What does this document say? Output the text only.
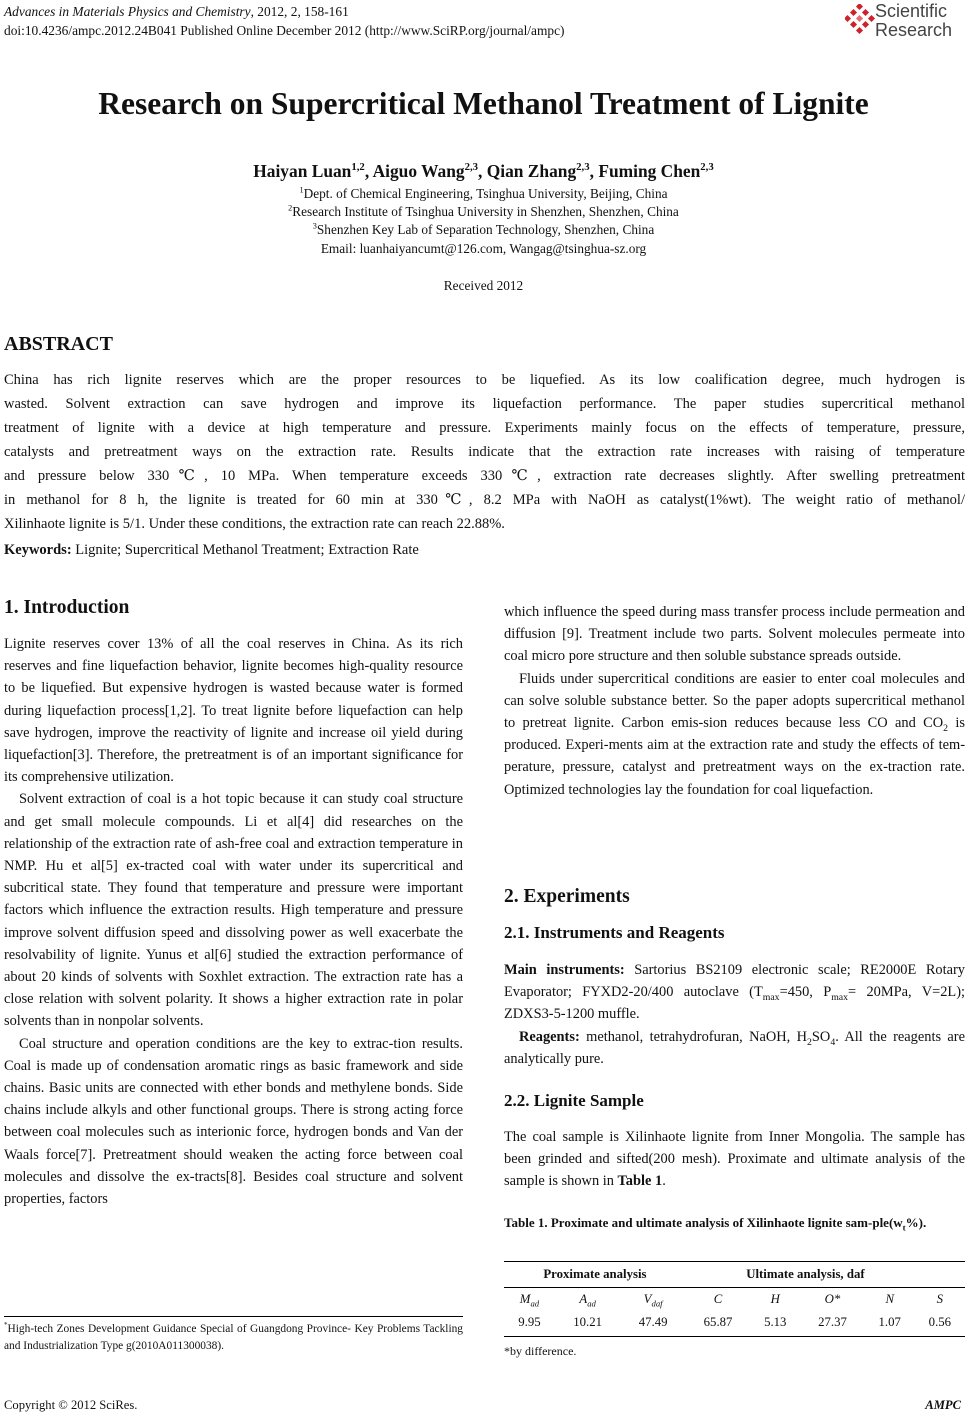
Advances in Materials Physics and Chemistry, 2012, 2, 158-161
doi:10.4236/ampc.2012.24B041 Published Online December 2012 (http://www.SciRP.org/journal/ampc)
Scientific
Research
Research on Supercritical Methanol Treatment of Lignite
Haiyan Luan$^{1,2}$, Aiguo Wang$^{2,3}$, Qian Zhang$^{2,3}$, Fuming Chen$^{2,3}$
$^1$Dept. of Chemical Engineering, Tsinghua University, Beijing, China
$^2$Research Institute of Tsinghua University in Shenzhen, Shenzhen, China
$^3$Shenzhen Key Lab of Separation Technology, Shenzhen, China
Email: luanhaiyancumt@126.com, Wangag@tsinghua-sz.org
Received 2012
ABSTRACT
China has rich lignite reserves which are the proper resources to be liquefied. As its low coalification degree, much hydrogen is
wasted. Solvent extraction can save hydrogen and improve its liquefaction performance. The paper studies supercritical methanol
treatment of lignite with a device at high temperature and pressure. Experiments mainly focus on the effects of temperature, pressure,
catalysts and pretreatment ways on the extraction rate. Results indicate that the extraction rate increases with raising of temperature
and pressure below 330℃, 10 MPa. When temperature exceeds 330℃, extraction rate decreases slightly. After swelling pretreatment
in methanol for 8 h, the lignite is treated for 60 min at 330℃, 8.2 MPa with NaOH as catalyst(1%wt). The weight ratio of methanol/
Xilinhaote lignite is 5/1. Under these conditions, the extraction rate can reach 22.88%.
Keywords: Lignite; Supercritical Methanol Treatment; Extraction Rate
1. Introduction

Lignite reserves cover 13% of all the coal reserves in China. As its rich reserves and fine liquefaction behavior, lignite becomes high-quality resource to be liquefied. But expensive hydrogen is wasted because water is formed during liquefaction process[1,2]. To treat lignite before liquefaction can help save hydrogen, improve the reactivity of lignite and increase oil yield during liquefaction[3]. Therefore, the pretreatment is of an important significance for its comprehensive utilization.

Solvent extraction of coal is a hot topic because it can study coal structure and get small molecule compounds. Li et al[4] did researches on the relationship of the extraction rate of ash-free coal and extraction temperature in NMP. Hu et al[5] ex-tracted coal with water under its supercritical and subcritical state. They found that temperature and pressure were important factors which influence the extraction results. High temperature and pressure improve solvent diffusion speed and dissolving power as well exacerbate the resolvability of lignite. Yunus et al[6] studied the extraction performance of about 20 kinds of solvents with Soxhlet extraction. The extraction rate has a close relation with solvent polarity. It shows a higher extraction rate in polar solvents than in nonpolar solvents.

Coal structure and operation conditions are the key to extrac-tion results. Coal is made up of condensation aromatic rings as basic framework and side chains. Basic units are connected with ether bonds and methylene bonds. Side chains include alkyls and other functional groups. There is strong acting force between coal molecules such as interionic force, hydrogen bonds and Van der Waals force[7]. Pretreatment should weaken the acting force between coal molecules and dissolve the ex-tracts[8]. Besides coal structure and solvent properties, factors

*High-tech Zones Development Guidance Special of Guangdong Province- Key Problems Tackling and Industrialization Type g(2010A011300038).

which influence the speed during mass transfer process include permeation and diffusion [9]. Treatment include two parts. Solvent molecules permeate into coal micro pore structure and then soluble substance spreads outside.

Fluids under supercritical conditions are easier to enter coal molecules and can solve soluble substance better. So the paper adopts supercritical methanol to pretreat lignite. Carbon emis-sion reduces because less CO and $CO_2$ is produced. Experi-ments aim at the extraction rate and study the effects of tem-perature, pressure, catalyst and pretreatment ways on the ex-traction rate. Optimized technologies lay the foundation for coal liquefaction.

2. Experiments
2.1. Instruments and Reagents

Main instruments: Sartorius BS2109 electronic scale; RE2000E Rotary Evaporator; FYXD2-20/400 autoclave ($T_{max}=450$, $P_{max}= 20MPa$, V=2L); ZDXS3-5-1200 muffle.

Reagents: methanol, tetrahydrofuran, NaOH, $H_2SO_4$. All the reagents are analytically pure.

2.2. Lignite Sample

The coal sample is Xilinhaote lignite from Inner Mongolia. The sample has been grinded and sifted(200 mesh). Proximate and ultimate analysis of the sample is shown in Table 1.

Table 1. Proximate and ultimate analysis of Xilinhaote lignite sam-$ple(w_t\%)$.
Proximate analysis			Ultimate analysis, daf				
$M_{ad}$	$A_{ad}$	$V_{daf}$	C	H	O*	N	S
9.95	10.21	47.49	65.87	5.13	27.37	1.07	0.56
*by difference.
Copyright © 2012 SciRes.	AMPC
